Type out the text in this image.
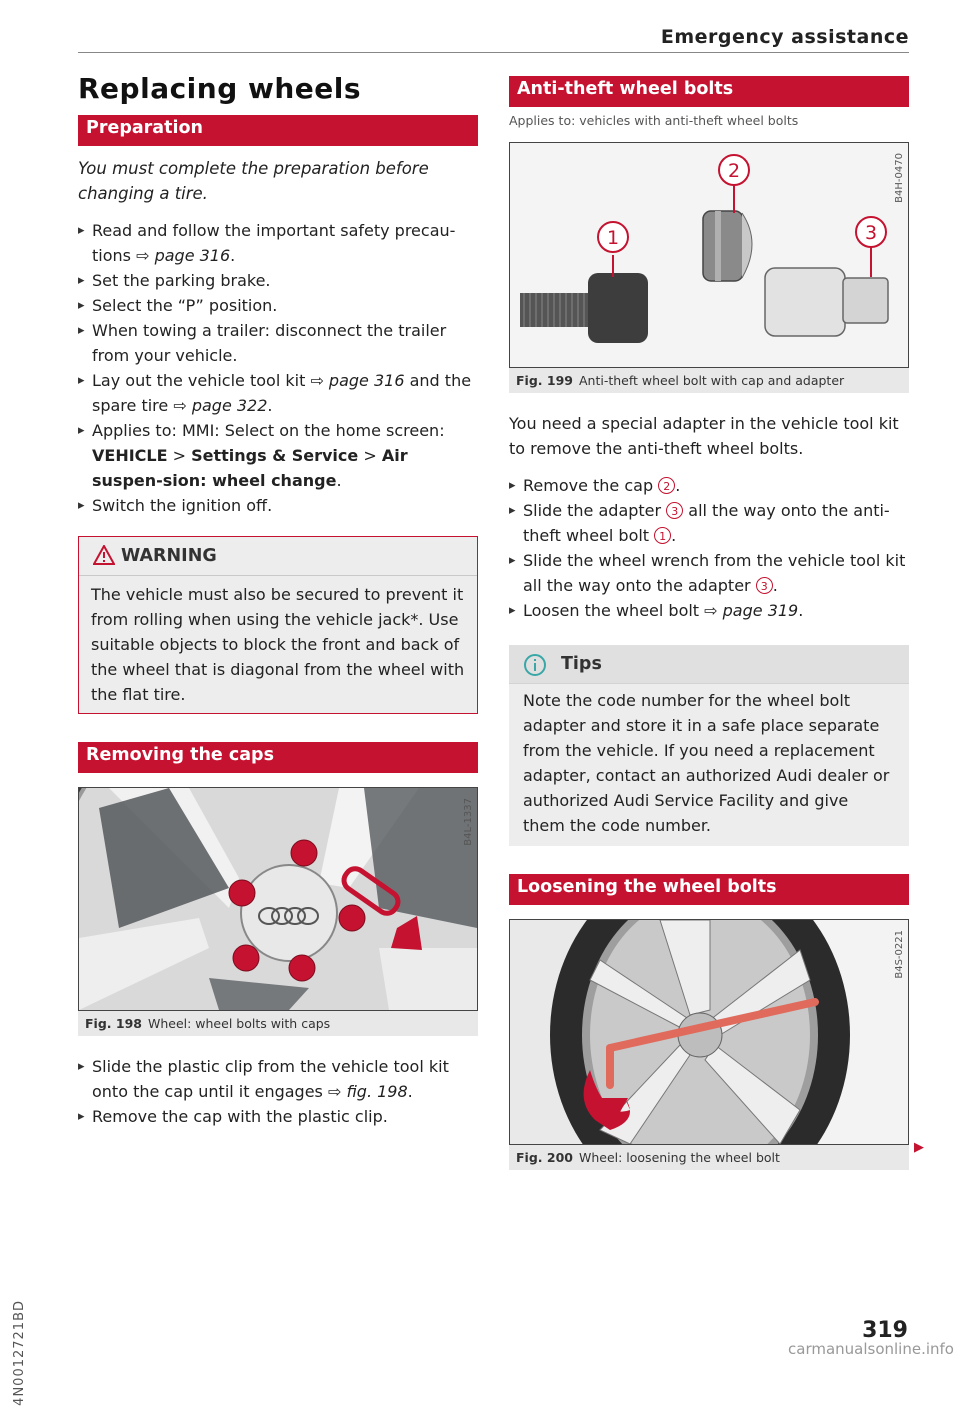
Emergency assistance
Replacing wheels
Preparation

You must complete the preparation before changing a tire.

▸ Read and follow the important safety precau-tions ⇨ page 316.
▸ Set the parking brake.
▸ Select the “P” position.
▸ When towing a trailer: disconnect the trailer from your vehicle.
▸ Lay out the vehicle tool kit ⇨ page 316 and the spare tire ⇨ page 322.
▸ Applies to: MMI: Select on the home screen: VEHICLE > Settings & Service > Air suspen-sion: wheel change.
▸ Switch the ignition off.
WARNING
The vehicle must also be secured to prevent it from rolling when using the vehicle jack*. Use suitable objects to block the front and back of the wheel that is diagonal from the wheel with the flat tire.
Removing the caps
B4L-1337
Fig. 198 Wheel: wheel bolts with caps
▸ Slide the plastic clip from the vehicle tool kit onto the cap until it engages ⇨ fig. 198.
▸ Remove the cap with the plastic clip.
Anti-theft wheel bolts

Applies to: vehicles with anti-theft wheel bolts

1
2
3
B4H-0470
Fig. 199 Anti-theft wheel bolt with cap and adapter

You need a special adapter in the vehicle tool kit to remove the anti-theft wheel bolts.

▸ Remove the cap 2 .
▸ Slide the adapter 3 all the way onto the anti-theft wheel bolt 1 .
▸ Slide the wheel wrench from the vehicle tool kit all the way onto the adapter 3 .
▸ Loosen the wheel bolt ⇨ page 319.
Tips
Note the code number for the wheel bolt adapter and store it in a safe place separate from the vehicle. If you need a replacement adapter, contact an authorized Audi dealer or authorized Audi Service Facility and give them the code number.
Loosening the wheel bolts
B4S-0221
Fig. 200 Wheel: loosening the wheel bolt
▶
4N0012721BD	319
carmanualsonline.info
